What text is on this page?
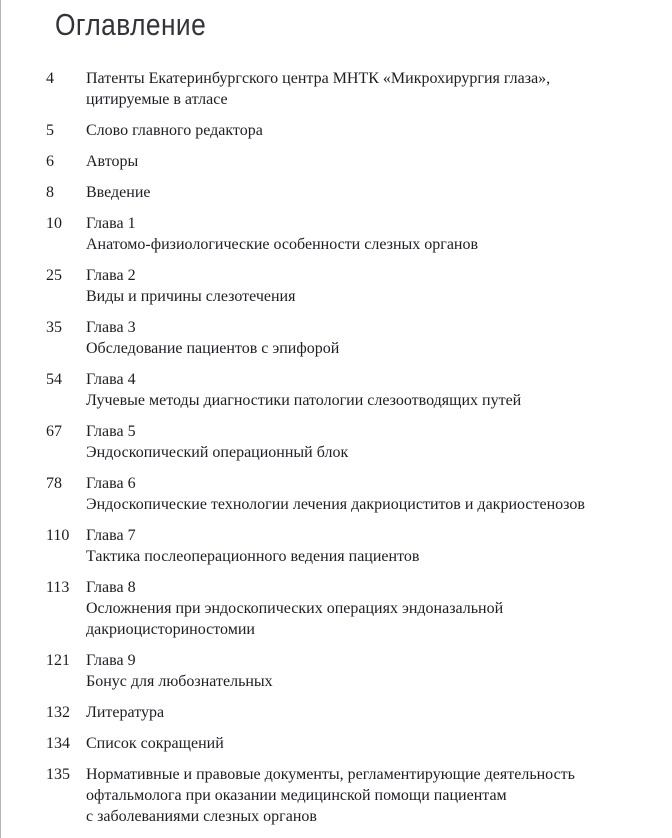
Оглавление
4	Патенты Екатеринбургского центра МНТК «Микрохирургия глаза»,
цитируемые в атласе
5	Слово главного редактора
6	Авторы
8	Введение
10	Глава 1
Анатомо-физиологические особенности слезных органов
25	Глава 2
Виды и причины слезотечения
35	Глава 3
Обследование пациентов с эпифорой
54	Глава 4
Лучевые методы диагностики патологии слезоотводящих путей
67	Глава 5
Эндоскопический операционный блок
78	Глава 6
Эндоскопические технологии лечения дакриоциститов и дакриостенозов
110	Глава 7
Тактика послеоперационного ведения пациентов
113	Глава 8
Осложнения при эндоскопических операциях эндоназальной
дакриоцисториностомии
121	Глава 9
Бонус для любознательных
132	Литература
134	Список сокращений
135	Нормативные и правовые документы, регламентирующие деятельность
офтальмолога при оказании медицинской помощи пациентам
с заболеваниями слезных органов
